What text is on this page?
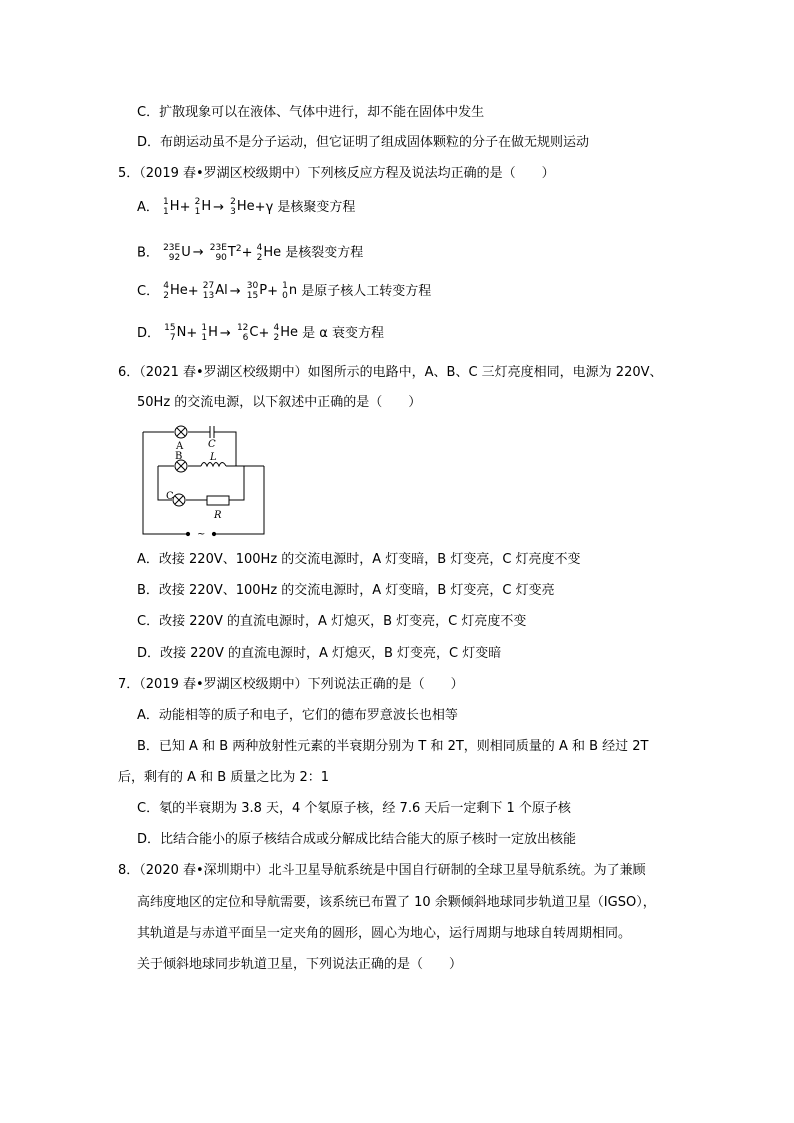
C．扩散现象可以在液体、气体中进行，却不能在固体中发生
D．布朗运动虽不是分子运动，但它证明了组成固体颗粒的分子在做无规则运动
5．（2019 春•罗湖区校级期中）下列核反应方程及说法均正确的是（　　）
A． 1
1 H+ 2
1 H → 2
3 He+γ 是核聚变方程
B． 23E
92 U → 23E
90 $T^2+ 4$
2 He 是核裂变方程
C． 4
2 He+ 27
13 Al → 30
15 P+ 1
0 n 是原子核人工转变方程
D． 15
7 N+ 1
1 H → 12
6 C+ 4
2 He 是 α 衰变方程
6．（2021 春•罗湖区校级期中）如图所示的电路中，A、B、C 三灯亮度相同，电源为 220V、
50Hz 的交流电源，以下叙述中正确的是（　　）
A
B
C
C
L
R
~
A．改接 220V、100Hz 的交流电源时，A 灯变暗，B 灯变亮，C 灯亮度不变
B．改接 220V、100Hz 的交流电源时，A 灯变暗，B 灯变亮，C 灯变亮
C．改接 220V 的直流电源时，A 灯熄灭，B 灯变亮，C 灯亮度不变
D．改接 220V 的直流电源时，A 灯熄灭，B 灯变亮，C 灯变暗
7．（2019 春•罗湖区校级期中）下列说法正确的是（　　）
A．动能相等的质子和电子，它们的德布罗意波长也相等
B．已知 A 和 B 两种放射性元素的半衰期分别为 T 和 2T，则相同质量的 A 和 B 经过 2T
后，剩有的 A 和 B 质量之比为 2：1
C．氡的半衰期为 3.8 天，4 个氡原子核，经 7.6 天后一定剩下 1 个原子核
D．比结合能小的原子核结合成或分解成比结合能大的原子核时一定放出核能
8．（2020 春•深圳期中）北斗卫星导航系统是中国自行研制的全球卫星导航系统。为了兼顾
高纬度地区的定位和导航需要，该系统已布置了 10 余颗倾斜地球同步轨道卫星（IGSO），
其轨道是与赤道平面呈一定夹角的圆形，圆心为地心，运行周期与地球自转周期相同。
关于倾斜地球同步轨道卫星，下列说法正确的是（　　）
